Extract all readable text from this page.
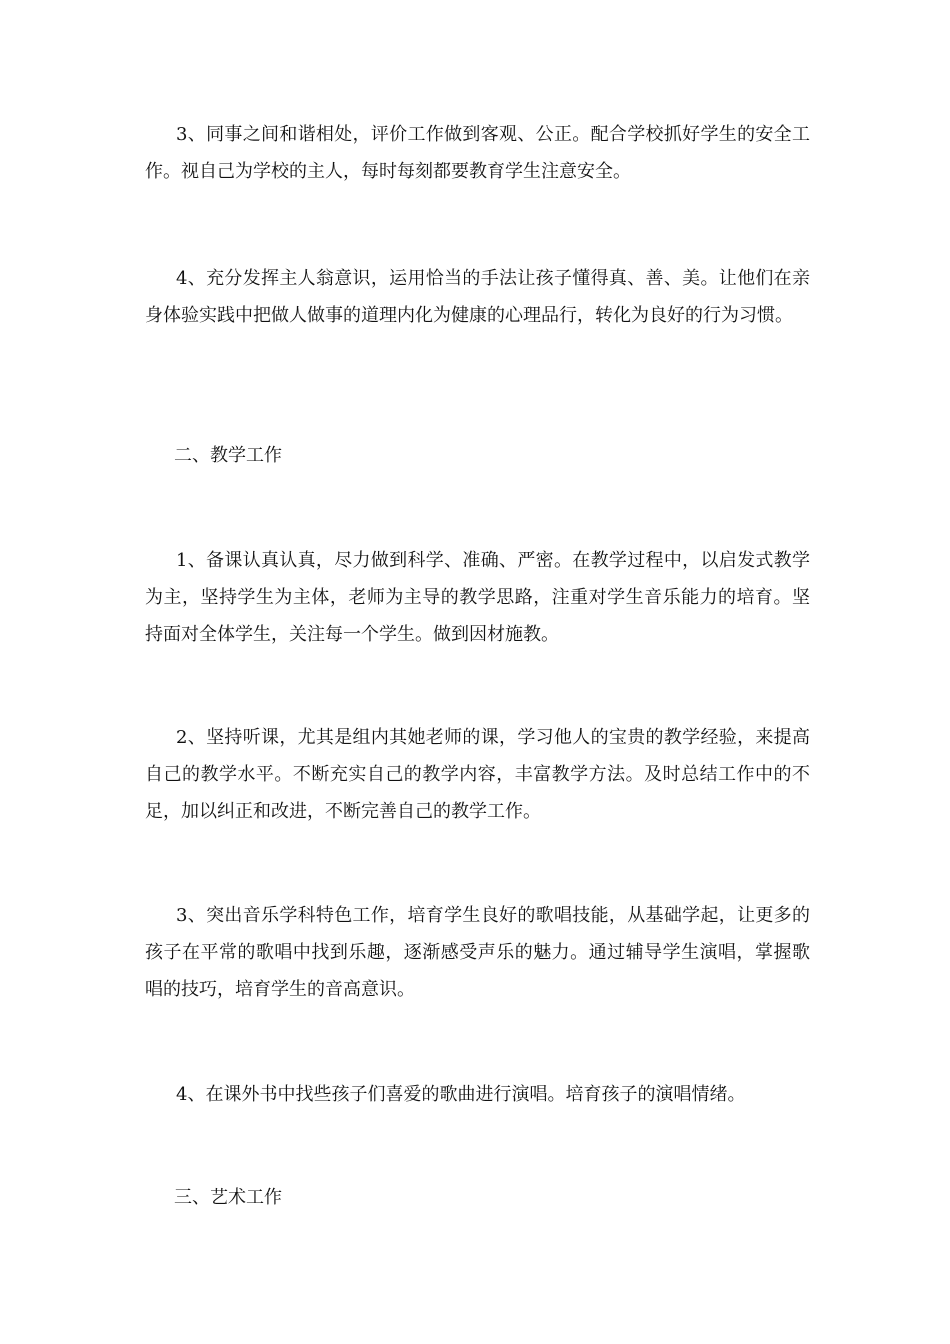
3、同事之间和谐相处，评价工作做到客观、公正。配合学校抓好学生的安全工作。视自己为学校的主人，每时每刻都要教育学生注意安全。

4、充分发挥主人翁意识，运用恰当的手法让孩子懂得真、善、美。让他们在亲身体验实践中把做人做事的道理内化为健康的心理品行，转化为良好的行为习惯。

二、教学工作

1、备课认真认真，尽力做到科学、准确、严密。在教学过程中，以启发式教学为主，坚持学生为主体，老师为主导的教学思路，注重对学生音乐能力的培育。坚持面对全体学生，关注每一个学生。做到因材施教。

2、坚持听课，尤其是组内其她老师的课，学习他人的宝贵的教学经验，来提高自己的教学水平。不断充实自己的教学内容，丰富教学方法。及时总结工作中的不足，加以纠正和改进，不断完善自己的教学工作。

3、突出音乐学科特色工作，培育学生良好的歌唱技能，从基础学起，让更多的孩子在平常的歌唱中找到乐趣，逐渐感受声乐的魅力。通过辅导学生演唱，掌握歌唱的技巧，培育学生的音高意识。

4、在课外书中找些孩子们喜爱的歌曲进行演唱。培育孩子的演唱情绪。

三、艺术工作
